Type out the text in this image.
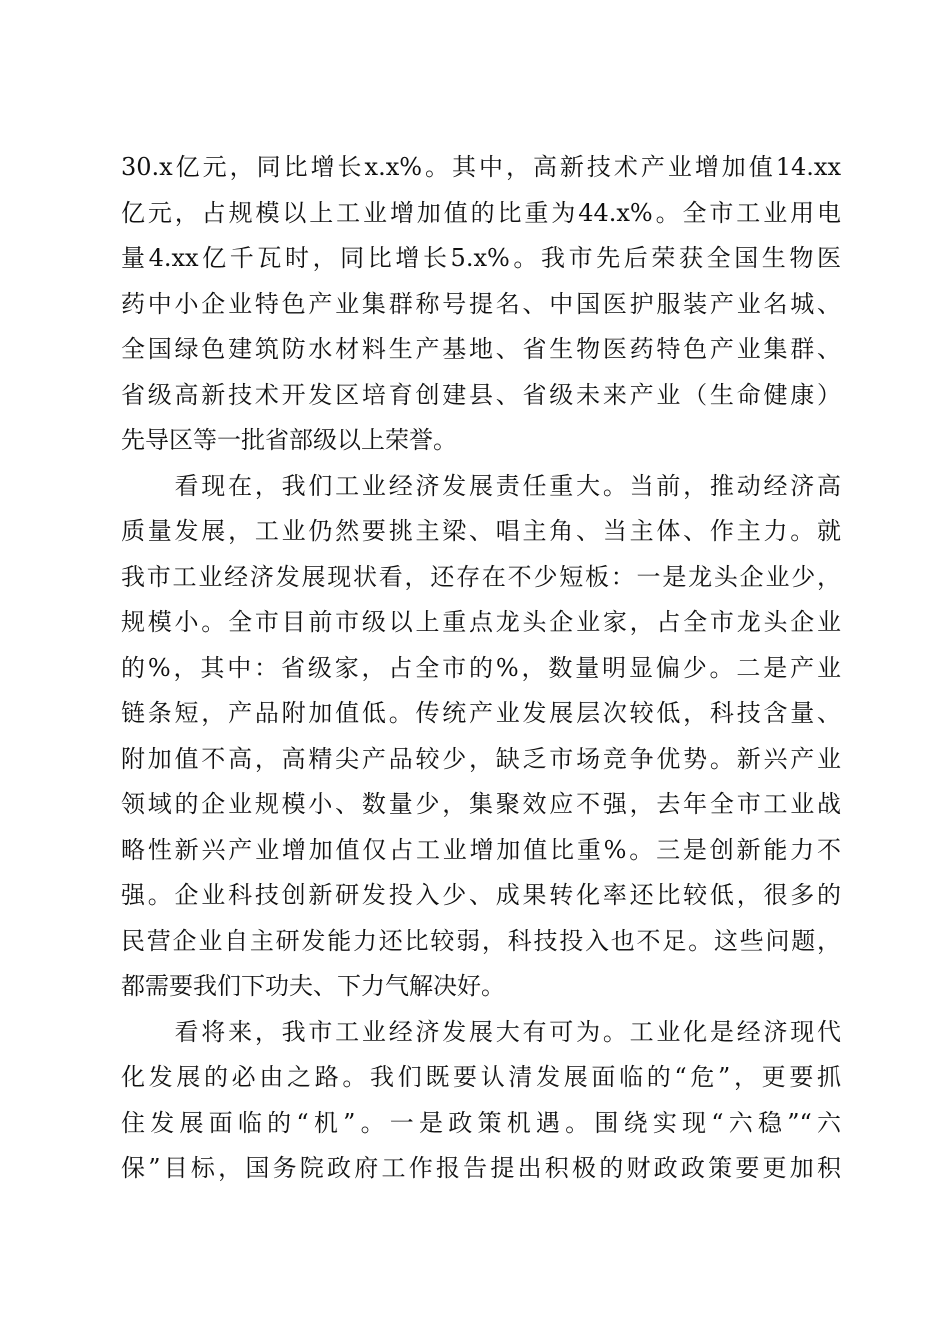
30.x亿元，同比增长x.x%。其中，高新技术产业增加值14.xx
亿元，占规模以上工业增加值的比重为44.x%。全市工业用电
量4.xx亿千瓦时，同比增长5.x%。我市先后荣获全国生物医
药中小企业特色产业集群称号提名、中国医护服装产业名城、
全国绿色建筑防水材料生产基地、省生物医药特色产业集群、
省级高新技术开发区培育创建县、省级未来产业（生命健康）
先导区等一批省部级以上荣誉。
　　看现在，我们工业经济发展责任重大。当前，推动经济高
质量发展，工业仍然要挑主梁、唱主角、当主体、作主力。就
我市工业经济发展现状看，还存在不少短板：一是龙头企业少，
规模小。全市目前市级以上重点龙头企业家，占全市龙头企业
的%，其中：省级家，占全市的%，数量明显偏少。二是产业
链条短，产品附加值低。传统产业发展层次较低，科技含量、
附加值不高，高精尖产品较少，缺乏市场竞争优势。新兴产业
领域的企业规模小、数量少，集聚效应不强，去年全市工业战
略性新兴产业增加值仅占工业增加值比重%。三是创新能力不
强。企业科技创新研发投入少、成果转化率还比较低，很多的
民营企业自主研发能力还比较弱，科技投入也不足。这些问题，
都需要我们下功夫、下力气解决好。
　　看将来，我市工业经济发展大有可为。工业化是经济现代
化发展的必由之路。我们既要认清发展面临的“危”，更要抓
住发展面临的“机”。一是政策机遇。围绕实现“六稳”“六
保”目标，国务院政府工作报告提出积极的财政政策要更加积
